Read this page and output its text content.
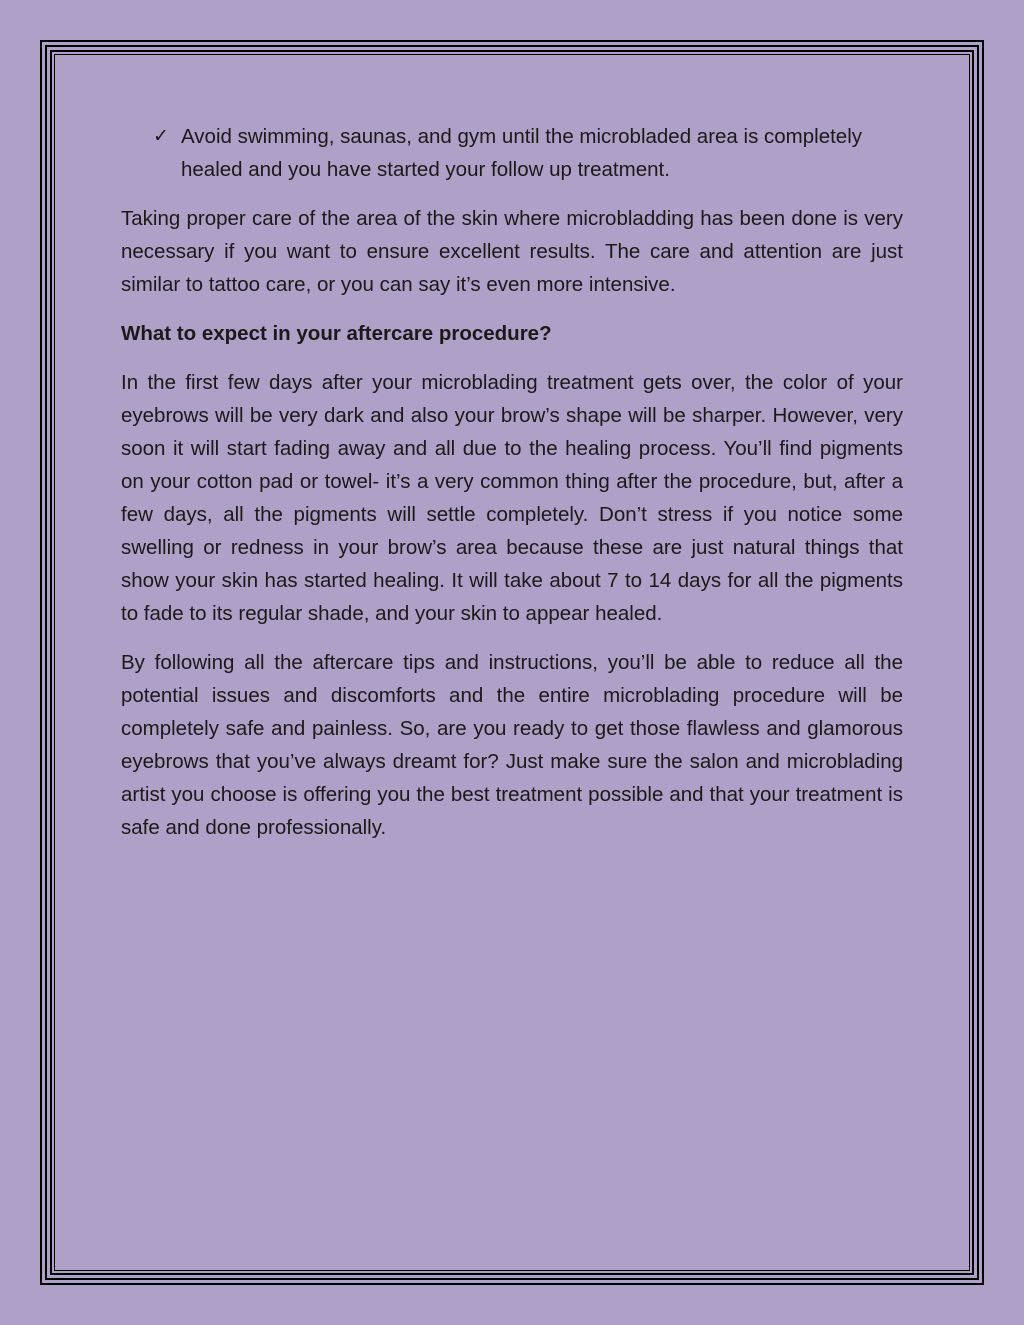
✓ Avoid swimming, saunas, and gym until the microbladed area is completely healed and you have started your follow up treatment.

Taking proper care of the area of the skin where microbladding has been done is very necessary if you want to ensure excellent results. The care and attention are just similar to tattoo care, or you can say it’s even more intensive.

What to expect in your aftercare procedure?

In the first few days after your microblading treatment gets over, the color of your eyebrows will be very dark and also your brow’s shape will be sharper. However, very soon it will start fading away and all due to the healing process. You’ll find pigments on your cotton pad or towel- it’s a very common thing after the procedure, but, after a few days, all the pigments will settle completely. Don’t stress if you notice some swelling or redness in your brow’s area because these are just natural things that show your skin has started healing. It will take about 7 to 14 days for all the pigments to fade to its regular shade, and your skin to appear healed.

By following all the aftercare tips and instructions, you’ll be able to reduce all the potential issues and discomforts and the entire microblading procedure will be completely safe and painless. So, are you ready to get those flawless and glamorous eyebrows that you’ve always dreamt for? Just make sure the salon and microblading artist you choose is offering you the best treatment possible and that your treatment is safe and done professionally.
